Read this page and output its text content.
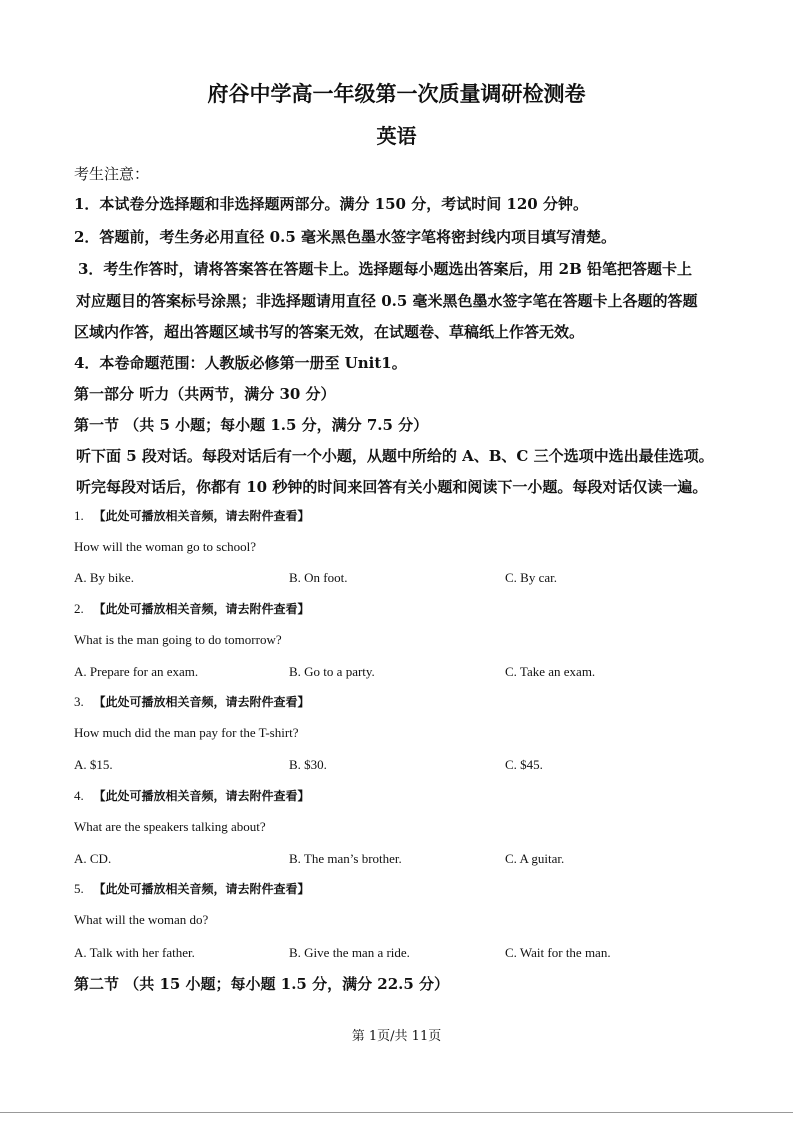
府谷中学高一年级第一次质量调研检测卷
英语
考生注意：
1．本试卷分选择题和非选择题两部分。满分 150 分，考试时间 120 分钟。
2．答题前，考生务必用直径 0.5 毫米黑色墨水签字笔将密封线内项目填写清楚。
3．考生作答时，请将答案答在答题卡上。选择题每小题选出答案后，用 2B 铅笔把答题卡上
对应题目的答案标号涂黑；非选择题请用直径 0.5 毫米黑色墨水签字笔在答题卡上各题的答题
区域内作答，超出答题区域书写的答案无效，在试题卷、草稿纸上作答无效。
4．本卷命题范围：人教版必修第一册至 Unit1。
第一部分 听力（共两节，满分 30 分）
第一节 （共 5 小题；每小题 1.5 分，满分 7.5 分）
听下面 5 段对话。每段对话后有一个小题，从题中所给的 A、B、C 三个选项中选出最佳选项。
听完每段对话后，你都有 10 秒钟的时间来回答有关小题和阅读下一小题。每段对话仅读一遍。
1. 【此处可播放相关音频，请去附件查看】
How will the woman go to school?
A. By bike.	B. On foot.	C. By car.
2. 【此处可播放相关音频，请去附件查看】
What is the man going to do tomorrow?
A. Prepare for an exam.	B. Go to a party.	C. Take an exam.
3. 【此处可播放相关音频，请去附件查看】
How much did the man pay for the T-shirt?
A. $15.	B. $30.	C. $45.
4. 【此处可播放相关音频，请去附件查看】
What are the speakers talking about?
A. CD.	B. The man’s brother.	C. A guitar.
5. 【此处可播放相关音频，请去附件查看】
What will the woman do?
A. Talk with her father.	B. Give the man a ride.	C. Wait for the man.
第二节 （共 15 小题；每小题 1.5 分，满分 22.5 分）
第 1页/共 11页
